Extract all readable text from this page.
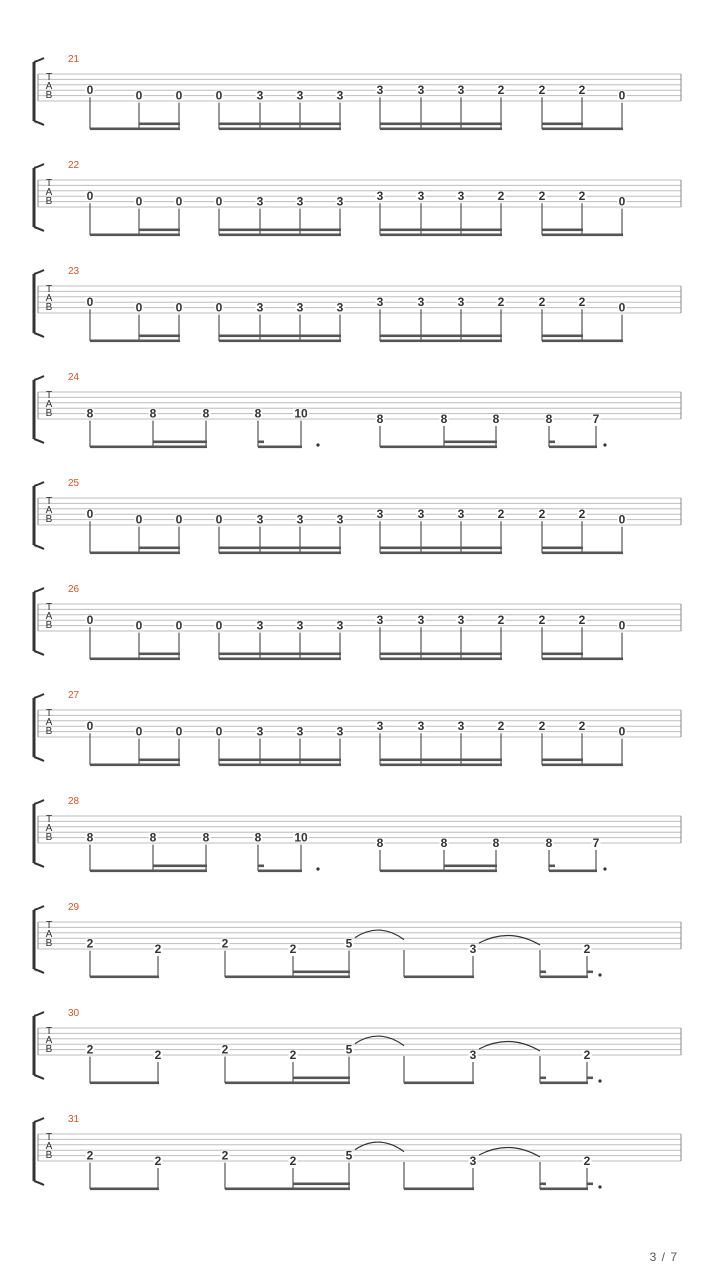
T
A
B
21
0	0	0	0	3	3	3	3	3	3	2	2	2	0
T
A
B
22
0	0	0	0	3	3	3	3	3	3	2	2	2	0
T
A
B
23
0	0	0	0	3	3	3	3	3	3	2	2	2	0
T
A
B
24
8	8	8	8	10	8	8	8	8	7
T
A
B
25
0	0	0	0	3	3	3	3	3	3	2	2	2	0
T
A
B
26
0	0	0	0	3	3	3	3	3	3	2	2	2	0
T
A
B
27
0	0	0	0	3	3	3	3	3	3	2	2	2	0
T
A
B
28
8	8	8	8	10	8	8	8	8	7
T
A
B
29
2	2	2	2	5	3	2
T
A
B
30
2	2	2	2	5	3	2
T
A
B
31
2	2	2	2	5	3	2
3 / 7
